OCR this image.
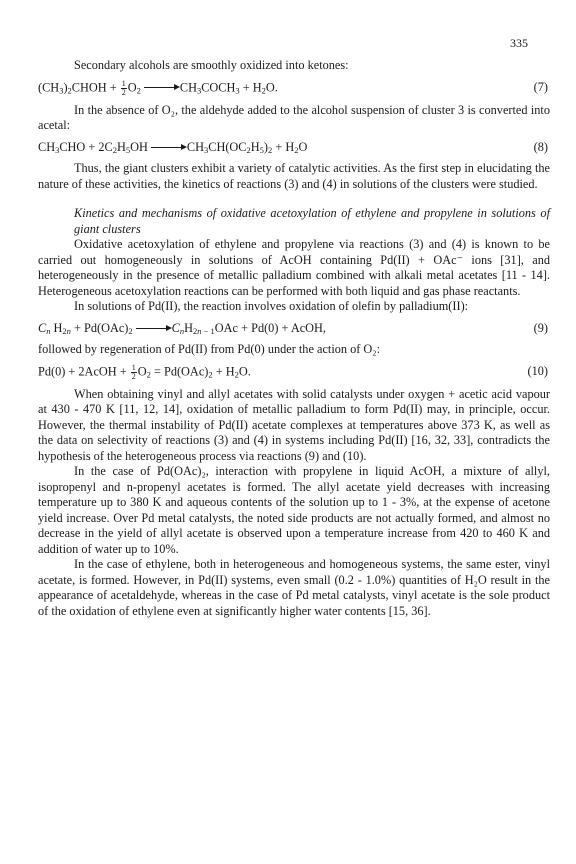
335

Secondary alcohols are smoothly oxidized into ketones:

$(CH_3)_2CHOH + \frac{1}{2} O_2$ → $CH_3COCH_3 + H_2O$.	(7)

In the absence of O₂, the aldehyde added to the alcohol suspension of cluster 3 is converted into acetal:

$CH_3CHO + 2C_2H_5OH \to CH_3CH(OC_2H_5)_2 + H_2O$	(8)

Thus, the giant clusters exhibit a variety of catalytic activities. As the first step in elucidating the nature of these activities, the kinetics of reactions (3) and (4) in solutions of the clusters were studied.

Kinetics and mechanisms of oxidative acetoxylation of ethylene and propylene in solutions of giant clusters

Oxidative acetoxylation of ethylene and propylene via reactions (3) and (4) is known to be carried out homogeneously in solutions of AcOH containing Pd(II) + OAc⁻ ions [31], and heterogeneously in the presence of metallic palladium combined with alkali metal acetates [11 - 14]. Heterogeneous acetoxylation reactions can be performed with both liquid and gas phase reactants.

In solutions of Pd(II), the reaction involves oxidation of olefin by palladium(II):

$C_n$ $H_{2n} + Pd(OAc)_2 \to C_nH_{2n - 1}OAc + Pd(0)$ + AcOH,	(9)

followed by regeneration of Pd(II) from Pd(0) under the action of O₂:

Pd(0) + 2AcOH + $\frac{1}{2} O_2 = Pd(OAc)_2 + H_2O$.	(10)

When obtaining vinyl and allyl acetates with solid catalysts under oxygen + acetic acid vapour at 430 - 470 K [11, 12, 14], oxidation of metallic palladium to form Pd(II) may, in principle, occur. However, the thermal instability of Pd(II) acetate complexes at temperatures above 373 K, as well as the data on selectivity of reactions (3) and (4) in systems including Pd(II) [16, 32, 33], contradicts the hypothesis of the heterogeneous process via reactions (9) and (10).

In the case of Pd(OAc)₂, interaction with propylene in liquid AcOH, a mixture of allyl, isopropenyl and n-propenyl acetates is formed. The allyl acetate yield decreases with increasing temperature up to 380 K and aqueous contents of the solution up to 1 - 3%, at the expense of acetone yield increase. Over Pd metal catalysts, the noted side products are not actually formed, and almost no decrease in the yield of allyl acetate is observed upon a temperature increase from 420 to 460 K and addition of water up to 10%.

In the case of ethylene, both in heterogeneous and homogeneous systems, the same ester, vinyl acetate, is formed. However, in Pd(II) systems, even small (0.2 - 1.0%) quantities of H₂O result in the appearance of acetaldehyde, whereas in the case of Pd metal catalysts, vinyl acetate is the sole product of the oxidation of ethylene even at significantly higher water contents [15, 36].
